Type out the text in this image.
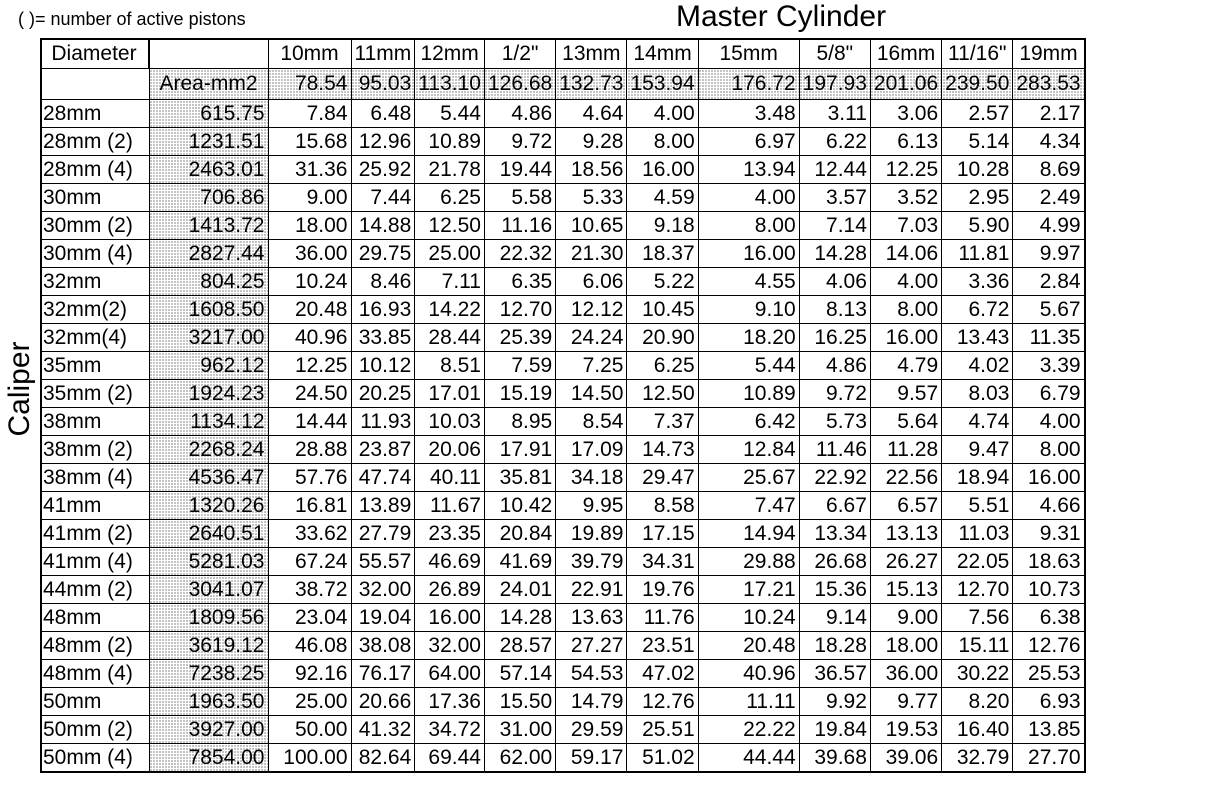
( )= number of active pistons	Master Cylinder
Caliper
Diameter		10mm	11mm	12mm	1/2"	13mm	14mm	15mm	5/8"	16mm	11/16"	19mm
	Area-mm2	78.54	95.03	113.10	126.68	132.73	153.94	176.72	197.93	201.06	239.50	283.53
28mm	615.75	7.84	6.48	5.44	4.86	4.64	4.00	3.48	3.11	3.06	2.57	2.17
28mm (2)	1231.51	15.68	12.96	10.89	9.72	9.28	8.00	6.97	6.22	6.13	5.14	4.34
28mm (4)	2463.01	31.36	25.92	21.78	19.44	18.56	16.00	13.94	12.44	12.25	10.28	8.69
30mm	706.86	9.00	7.44	6.25	5.58	5.33	4.59	4.00	3.57	3.52	2.95	2.49
30mm (2)	1413.72	18.00	14.88	12.50	11.16	10.65	9.18	8.00	7.14	7.03	5.90	4.99
30mm (4)	2827.44	36.00	29.75	25.00	22.32	21.30	18.37	16.00	14.28	14.06	11.81	9.97
32mm	804.25	10.24	8.46	7.11	6.35	6.06	5.22	4.55	4.06	4.00	3.36	2.84
32mm(2)	1608.50	20.48	16.93	14.22	12.70	12.12	10.45	9.10	8.13	8.00	6.72	5.67
32mm(4)	3217.00	40.96	33.85	28.44	25.39	24.24	20.90	18.20	16.25	16.00	13.43	11.35
35mm	962.12	12.25	10.12	8.51	7.59	7.25	6.25	5.44	4.86	4.79	4.02	3.39
35mm (2)	1924.23	24.50	20.25	17.01	15.19	14.50	12.50	10.89	9.72	9.57	8.03	6.79
38mm	1134.12	14.44	11.93	10.03	8.95	8.54	7.37	6.42	5.73	5.64	4.74	4.00
38mm (2)	2268.24	28.88	23.87	20.06	17.91	17.09	14.73	12.84	11.46	11.28	9.47	8.00
38mm (4)	4536.47	57.76	47.74	40.11	35.81	34.18	29.47	25.67	22.92	22.56	18.94	16.00
41mm	1320.26	16.81	13.89	11.67	10.42	9.95	8.58	7.47	6.67	6.57	5.51	4.66
41mm (2)	2640.51	33.62	27.79	23.35	20.84	19.89	17.15	14.94	13.34	13.13	11.03	9.31
41mm (4)	5281.03	67.24	55.57	46.69	41.69	39.79	34.31	29.88	26.68	26.27	22.05	18.63
44mm (2)	3041.07	38.72	32.00	26.89	24.01	22.91	19.76	17.21	15.36	15.13	12.70	10.73
48mm	1809.56	23.04	19.04	16.00	14.28	13.63	11.76	10.24	9.14	9.00	7.56	6.38
48mm (2)	3619.12	46.08	38.08	32.00	28.57	27.27	23.51	20.48	18.28	18.00	15.11	12.76
48mm (4)	7238.25	92.16	76.17	64.00	57.14	54.53	47.02	40.96	36.57	36.00	30.22	25.53
50mm	1963.50	25.00	20.66	17.36	15.50	14.79	12.76	11.11	9.92	9.77	8.20	6.93
50mm (2)	3927.00	50.00	41.32	34.72	31.00	29.59	25.51	22.22	19.84	19.53	16.40	13.85
50mm (4)	7854.00	100.00	82.64	69.44	62.00	59.17	51.02	44.44	39.68	39.06	32.79	27.70
